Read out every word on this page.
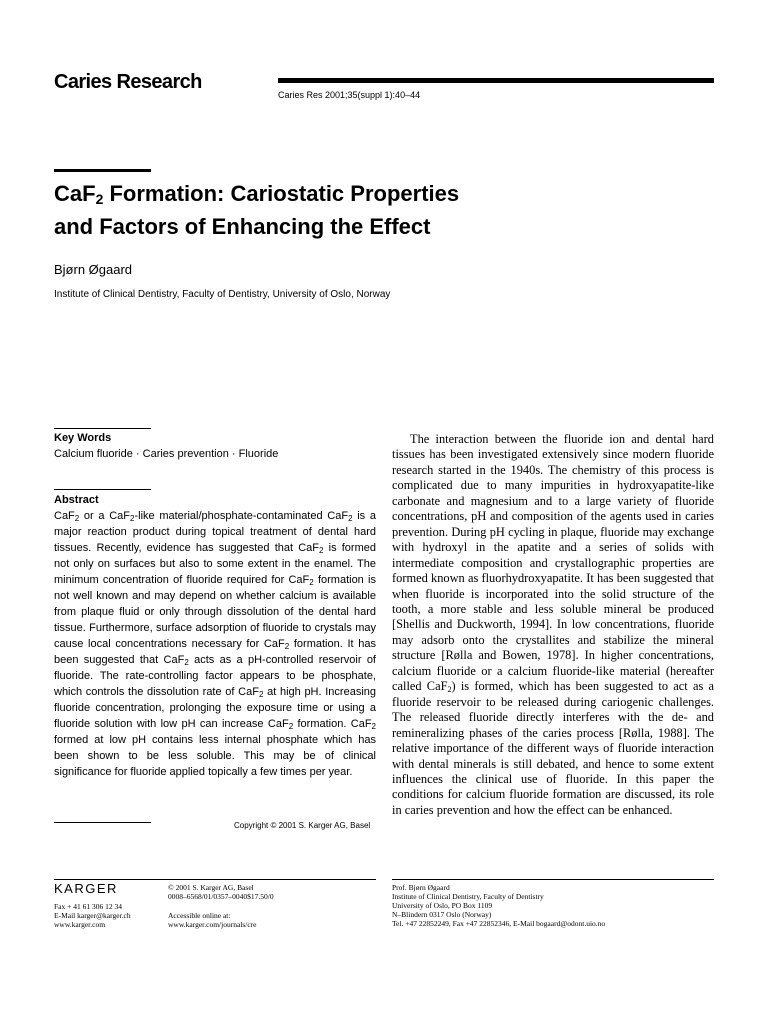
Caries Research
Caries Res 2001;35(suppl 1):40–44
CaF$_2$ Formation: Cariostatic Properties
and Factors of Enhancing the Effect
Bjørn Øgaard
Institute of Clinical Dentistry, Faculty of Dentistry, University of Oslo, Norway
Key Words
Calcium fluoride · Caries prevention · Fluoride
Abstract
CaF$_2$ or a CaF$_2$-like material/phosphate-contaminated CaF$_2$ is a major reaction product during topical treatment of dental hard tissues. Recently, evidence has suggested that CaF$_2$ is formed not only on surfaces but also to some extent in the enamel. The minimum concentration of fluoride required for CaF$_2$ formation is not well known and may depend on whether calcium is available from plaque fluid or only through dissolution of the dental hard tissue. Furthermore, surface adsorption of fluoride to crystals may cause local concentrations necessary for CaF$_2$ formation. It has been suggested that CaF$_2$ acts as a pH-controlled reservoir of fluoride. The rate-controlling factor appears to be phosphate, which controls the dissolution rate of CaF$_2$ at high pH. Increasing fluoride concentration, prolonging the exposure time or using a fluoride solution with low pH can increase CaF$_2$ formation. CaF$_2$ formed at low pH contains less internal phosphate which has been shown to be less soluble. This may be of clinical significance for fluoride applied topically a few times per year.
Copyright © 2001 S. Karger AG, Basel
The interaction between the fluoride ion and dental hard tissues has been investigated extensively since modern fluoride research started in the 1940s. The chemistry of this process is complicated due to many impurities in hydroxyapatite-like carbonate and magnesium and to a large variety of fluoride concentrations, pH and composition of the agents used in caries prevention. During pH cycling in plaque, fluoride may exchange with hydroxyl in the apatite and a series of solids with intermediate composition and crystallographic properties are formed known as fluorhydroxyapatite. It has been suggested that when fluoride is incorporated into the solid structure of the tooth, a more stable and less soluble mineral be produced [Shellis and Duckworth, 1994]. In low concentrations, fluoride may adsorb onto the crystallites and stabilize the mineral structure [Rølla and Bowen, 1978]. In higher concentrations, calcium fluoride or a calcium fluoride-like material (hereafter called CaF$_2$) is formed, which has been suggested to act as a fluoride reservoir to be released during cariogenic challenges. The released fluoride directly interferes with the de- and remineralizing phases of the caries process [Rølla, 1988]. The relative importance of the different ways of fluoride interaction with dental minerals is still debated, and hence to some extent influences the clinical use of fluoride. In this paper the conditions for calcium fluoride formation are discussed, its role in caries prevention and how the effect can be enhanced.
KARGER
Fax + 41 61 306 12 34
E-Mail karger@karger.ch
www.karger.com
© 2001 S. Karger AG, Basel
0008–6568/01/0357–0040$17.50/0
Accessible online at:
www.karger.com/journals/cre
Prof. Bjørn Øgaard
Institute of Clinical Dentistry, Faculty of Dentistry
University of Oslo, PO Box 1109
N–Blindern 0317 Oslo (Norway)
Tel. +47 22852249, Fax +47 22852346, E-Mail bogaard@odont.uio.no
